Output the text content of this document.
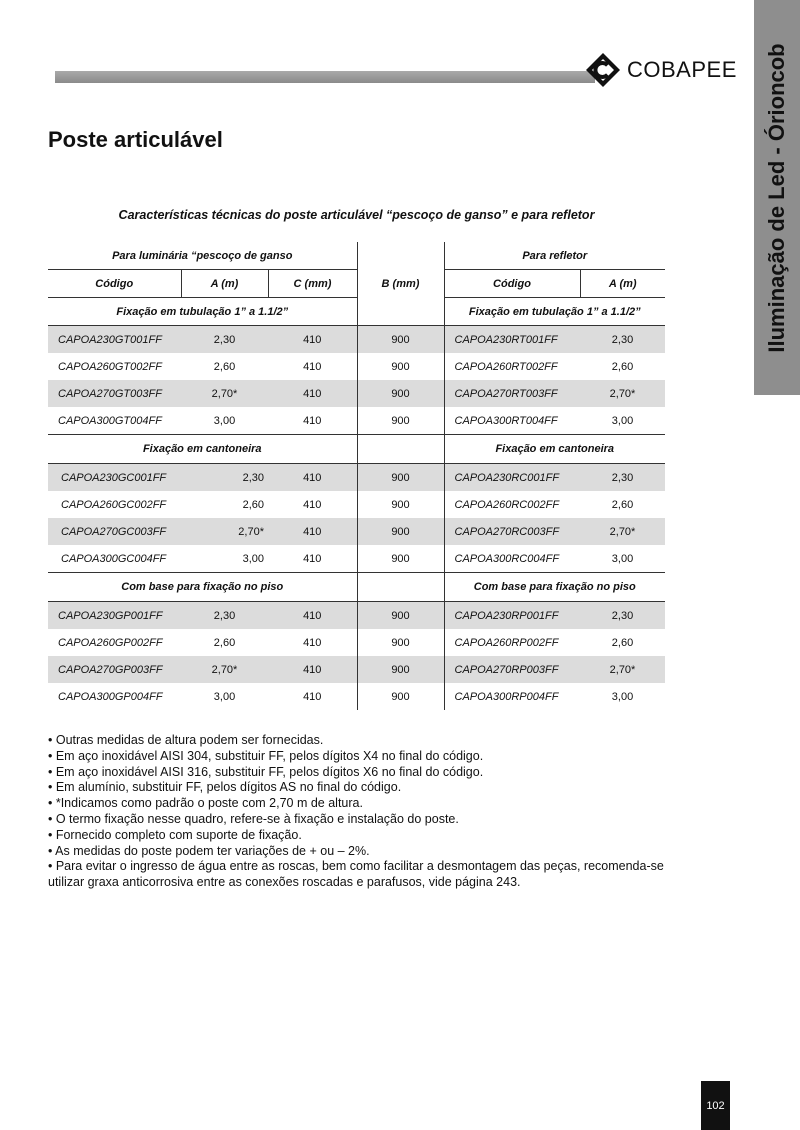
Iluminação de Led - Órioncob
COBAPEE
Poste articulável
Características técnicas do poste articulável “pescoço de ganso” e para refletor
Para luminária “pescoço de ganso			B (mm)	Para refletor	
Código	A (m)	C (mm)		Código	A (m)
Fixação em tubulação 1” a 1.1/2”				Fixação em tubulação 1” a 1.1/2”	
CAPOA230GT001FF	2,30	410	900	CAPOA230RT001FF	2,30
CAPOA260GT002FF	2,60	410	900	CAPOA260RT002FF	2,60
CAPOA270GT003FF	2,70*	410	900	CAPOA270RT003FF	2,70*
CAPOA300GT004FF	3,00	410	900	CAPOA300RT004FF	3,00
Fixação em cantoneira				Fixação em cantoneira	
CAPOA230GC001FF	2,30	410	900	CAPOA230RC001FF	2,30
CAPOA260GC002FF	2,60	410	900	CAPOA260RC002FF	2,60
CAPOA270GC003FF	2,70*	410	900	CAPOA270RC003FF	2,70*
CAPOA300GC004FF	3,00	410	900	CAPOA300RC004FF	3,00
Com base para fixação no piso				Com base para fixação no piso	
CAPOA230GP001FF	2,30	410	900	CAPOA230RP001FF	2,30
CAPOA260GP002FF	2,60	410	900	CAPOA260RP002FF	2,60
CAPOA270GP003FF	2,70*	410	900	CAPOA270RP003FF	2,70*
CAPOA300GP004FF	3,00	410	900	CAPOA300RP004FF	3,00

• Outras medidas de altura podem ser fornecidas.

• Em aço inoxidável AISI 304, substituir FF, pelos dígitos X4 no final do código.

• Em aço inoxidável AISI 316, substituir FF, pelos dígitos X6 no final do código.

• Em alumínio, substituir FF, pelos dígitos AS no final do código.

• *Indicamos como padrão o poste com 2,70 m de altura.

• O termo fixação nesse quadro, refere-se à fixação e instalação do poste.

• Fornecido completo com suporte de fixação.

• As medidas do poste podem ter variações de + ou – 2%.

• Para evitar o ingresso de água entre as roscas, bem como facilitar a desmontagem das peças, recomenda-se utilizar graxa anticorrosiva entre as conexões roscadas e parafusos, vide página 243.

102
